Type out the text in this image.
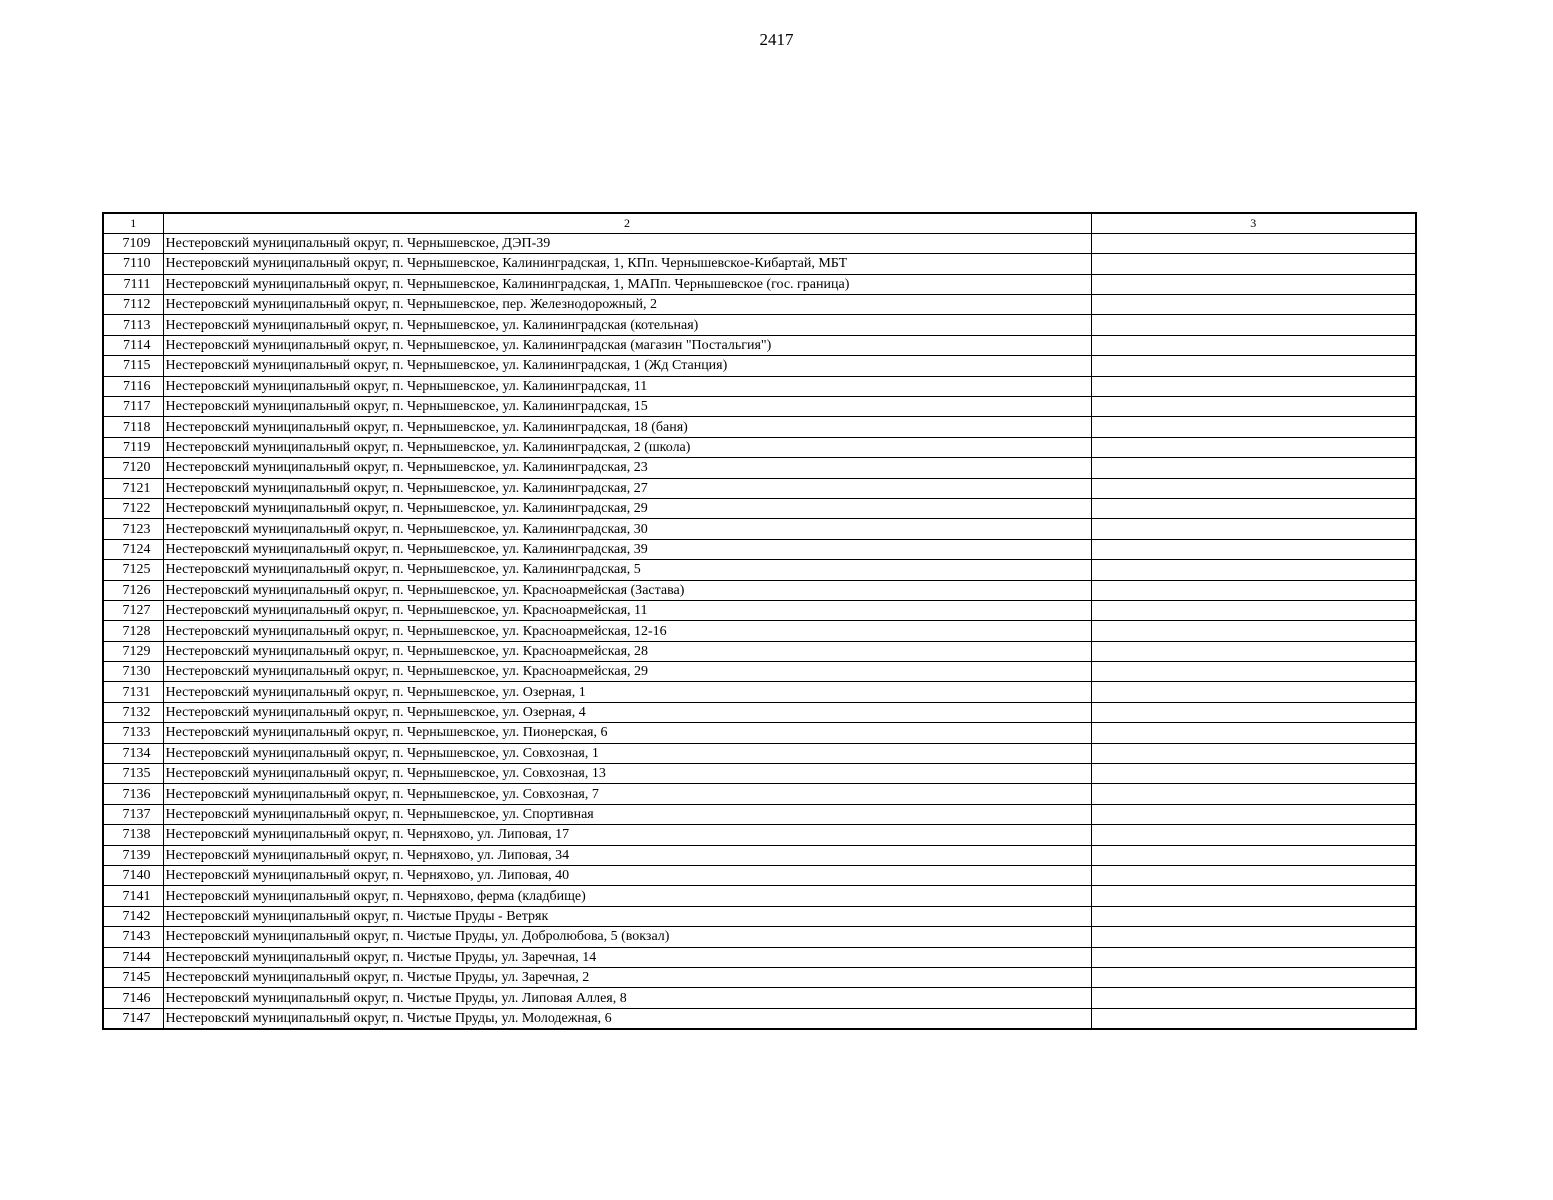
2417
1	2	3
7109	Нестеровский муниципальный округ, п. Чернышевское, ДЭП-39	
7110	Нестеровский муниципальный округ, п. Чернышевское, Калининградская, 1, КПп. Чернышевское-Кибартай, МБТ	
7111	Нестеровский муниципальный округ, п. Чернышевское, Калининградская, 1, МАПп. Чернышевское (гос. граница)	
7112	Нестеровский муниципальный округ, п. Чернышевское, пер. Железнодорожный, 2	
7113	Нестеровский муниципальный округ, п. Чернышевское, ул. Калининградская (котельная)	
7114	Нестеровский муниципальный округ, п. Чернышевское, ул. Калининградская (магазин "Постальгия")	
7115	Нестеровский муниципальный округ, п. Чернышевское, ул. Калининградская, 1 (Жд Станция)	
7116	Нестеровский муниципальный округ, п. Чернышевское, ул. Калининградская, 11	
7117	Нестеровский муниципальный округ, п. Чернышевское, ул. Калининградская, 15	
7118	Нестеровский муниципальный округ, п. Чернышевское, ул. Калининградская, 18 (баня)	
7119	Нестеровский муниципальный округ, п. Чернышевское, ул. Калининградская, 2 (школа)	
7120	Нестеровский муниципальный округ, п. Чернышевское, ул. Калининградская, 23	
7121	Нестеровский муниципальный округ, п. Чернышевское, ул. Калининградская, 27	
7122	Нестеровский муниципальный округ, п. Чернышевское, ул. Калининградская, 29	
7123	Нестеровский муниципальный округ, п. Чернышевское, ул. Калининградская, 30	
7124	Нестеровский муниципальный округ, п. Чернышевское, ул. Калининградская, 39	
7125	Нестеровский муниципальный округ, п. Чернышевское, ул. Калининградская, 5	
7126	Нестеровский муниципальный округ, п. Чернышевское, ул. Красноармейская (Застава)	
7127	Нестеровский муниципальный округ, п. Чернышевское, ул. Красноармейская, 11	
7128	Нестеровский муниципальный округ, п. Чернышевское, ул. Красноармейская, 12-16	
7129	Нестеровский муниципальный округ, п. Чернышевское, ул. Красноармейская, 28	
7130	Нестеровский муниципальный округ, п. Чернышевское, ул. Красноармейская, 29	
7131	Нестеровский муниципальный округ, п. Чернышевское, ул. Озерная, 1	
7132	Нестеровский муниципальный округ, п. Чернышевское, ул. Озерная, 4	
7133	Нестеровский муниципальный округ, п. Чернышевское, ул. Пионерская, 6	
7134	Нестеровский муниципальный округ, п. Чернышевское, ул. Совхозная, 1	
7135	Нестеровский муниципальный округ, п. Чернышевское, ул. Совхозная, 13	
7136	Нестеровский муниципальный округ, п. Чернышевское, ул. Совхозная, 7	
7137	Нестеровский муниципальный округ, п. Чернышевское, ул. Спортивная	
7138	Нестеровский муниципальный округ, п. Черняхово, ул. Липовая, 17	
7139	Нестеровский муниципальный округ, п. Черняхово, ул. Липовая, 34	
7140	Нестеровский муниципальный округ, п. Черняхово, ул. Липовая, 40	
7141	Нестеровский муниципальный округ, п. Черняхово, ферма (кладбище)	
7142	Нестеровский муниципальный округ, п. Чистые Пруды - Ветряк	
7143	Нестеровский муниципальный округ, п. Чистые Пруды, ул. Добролюбова, 5 (вокзал)	
7144	Нестеровский муниципальный округ, п. Чистые Пруды, ул. Заречная, 14	
7145	Нестеровский муниципальный округ, п. Чистые Пруды, ул. Заречная, 2	
7146	Нестеровский муниципальный округ, п. Чистые Пруды, ул. Липовая Аллея, 8	
7147	Нестеровский муниципальный округ, п. Чистые Пруды, ул. Молодежная, 6	
